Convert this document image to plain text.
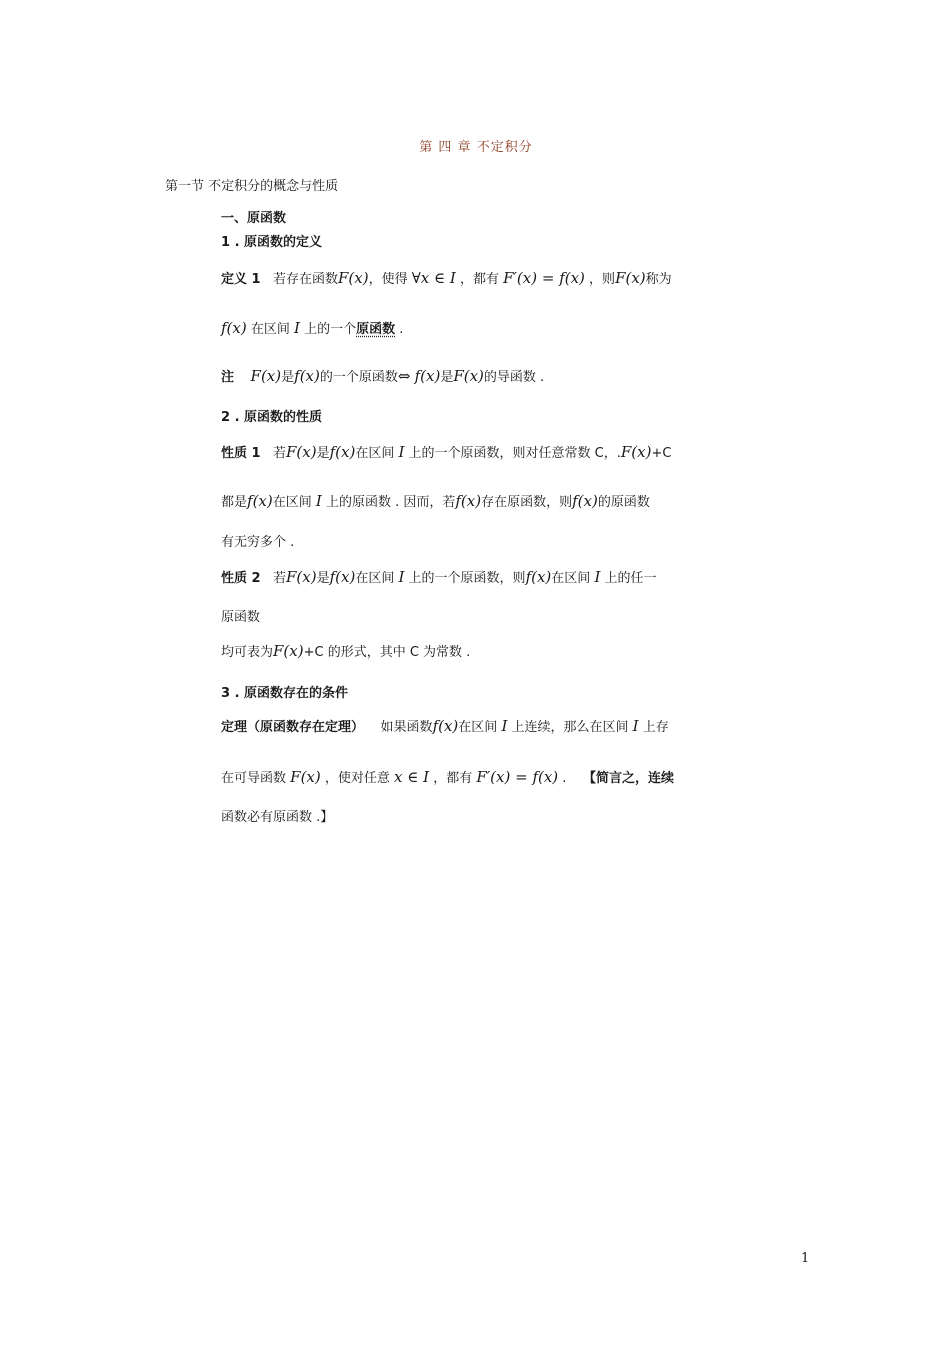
第 四 章 不定积分
第一节 不定积分的概念与性质
一、原函数
1 . 原函数的定义
定义 1 若存在函数F(x)，使得 ∀x ∈ I ，都有 F′(x) = f(x) ，则F(x)称为
f(x) 在区间 I 上的一个原函数 .
注 F(x)是f(x)的一个原函数⇔ f(x)是F(x)的导函数 .
2 . 原函数的性质
性质 1 若F(x)是f(x)在区间 I 上的一个原函数，则对任意常数 C，.F(x)+C
都是f(x)在区间 I 上的原函数 . 因而，若f(x)存在原函数，则f(x)的原函数
有无穷多个 .
性质 2 若F(x)是f(x)在区间 I 上的一个原函数，则f(x)在区间 I 上的任一
原函数
均可表为F(x)+C 的形式，其中 C 为常数 .
3 . 原函数存在的条件
定理（原函数存在定理） 如果函数f(x)在区间 I 上连续，那么在区间 I 上存
在可导函数 F(x) ，使对任意 x ∈ I ，都有 F′(x) = f(x) . 【简言之，连续
函数必有原函数 .】
1
